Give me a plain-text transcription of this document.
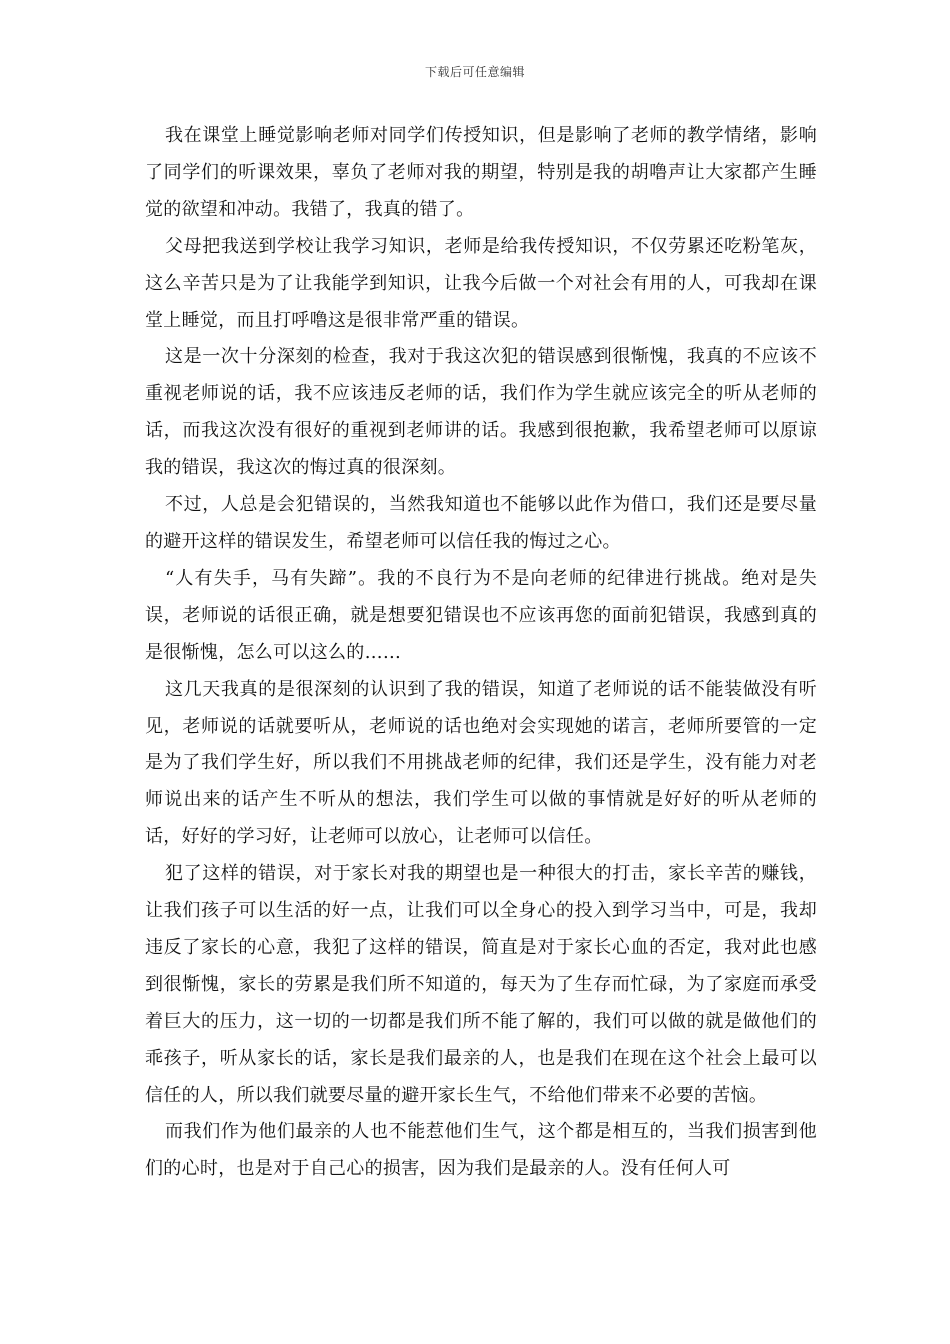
下载后可任意编辑

我在课堂上睡觉影响老师对同学们传授知识，但是影响了老师的教学情绪，影响了同学们的听课效果，辜负了老师对我的期望，特别是我的胡噜声让大家都产生睡觉的欲望和冲动。我错了，我真的错了。

父母把我送到学校让我学习知识，老师是给我传授知识，不仅劳累还吃粉笔灰，这么辛苦只是为了让我能学到知识，让我今后做一个对社会有用的人，可我却在课堂上睡觉，而且打呼噜这是很非常严重的错误。

这是一次十分深刻的检查，我对于我这次犯的错误感到很惭愧，我真的不应该不重视老师说的话，我不应该违反老师的话，我们作为学生就应该完全的听从老师的话，而我这次没有很好的重视到老师讲的话。我感到很抱歉，我希望老师可以原谅我的错误，我这次的悔过真的很深刻。

不过，人总是会犯错误的，当然我知道也不能够以此作为借口，我们还是要尽量的避开这样的错误发生，希望老师可以信任我的悔过之心。

“人有失手，马有失蹄”。我的不良行为不是向老师的纪律进行挑战。绝对是失误，老师说的话很正确，就是想要犯错误也不应该再您的面前犯错误，我感到真的是很惭愧，怎么可以这么的……

这几天我真的是很深刻的认识到了我的错误，知道了老师说的话不能装做没有听见，老师说的话就要听从，老师说的话也绝对会实现她的诺言，老师所要管的一定是为了我们学生好，所以我们不用挑战老师的纪律，我们还是学生，没有能力对老师说出来的话产生不听从的想法，我们学生可以做的事情就是好好的听从老师的话，好好的学习好，让老师可以放心，让老师可以信任。

犯了这样的错误，对于家长对我的期望也是一种很大的打击，家长辛苦的赚钱，让我们孩子可以生活的好一点，让我们可以全身心的投入到学习当中，可是，我却违反了家长的心意，我犯了这样的错误，简直是对于家长心血的否定，我对此也感到很惭愧，家长的劳累是我们所不知道的，每天为了生存而忙碌，为了家庭而承受着巨大的压力，这一切的一切都是我们所不能了解的，我们可以做的就是做他们的乖孩子，听从家长的话，家长是我们最亲的人，也是我们在现在这个社会上最可以信任的人，所以我们就要尽量的避开家长生气，不给他们带来不必要的苦恼。

而我们作为他们最亲的人也不能惹他们生气，这个都是相互的，当我们损害到他们的心时，也是对于自己心的损害，因为我们是最亲的人。没有任何人可
